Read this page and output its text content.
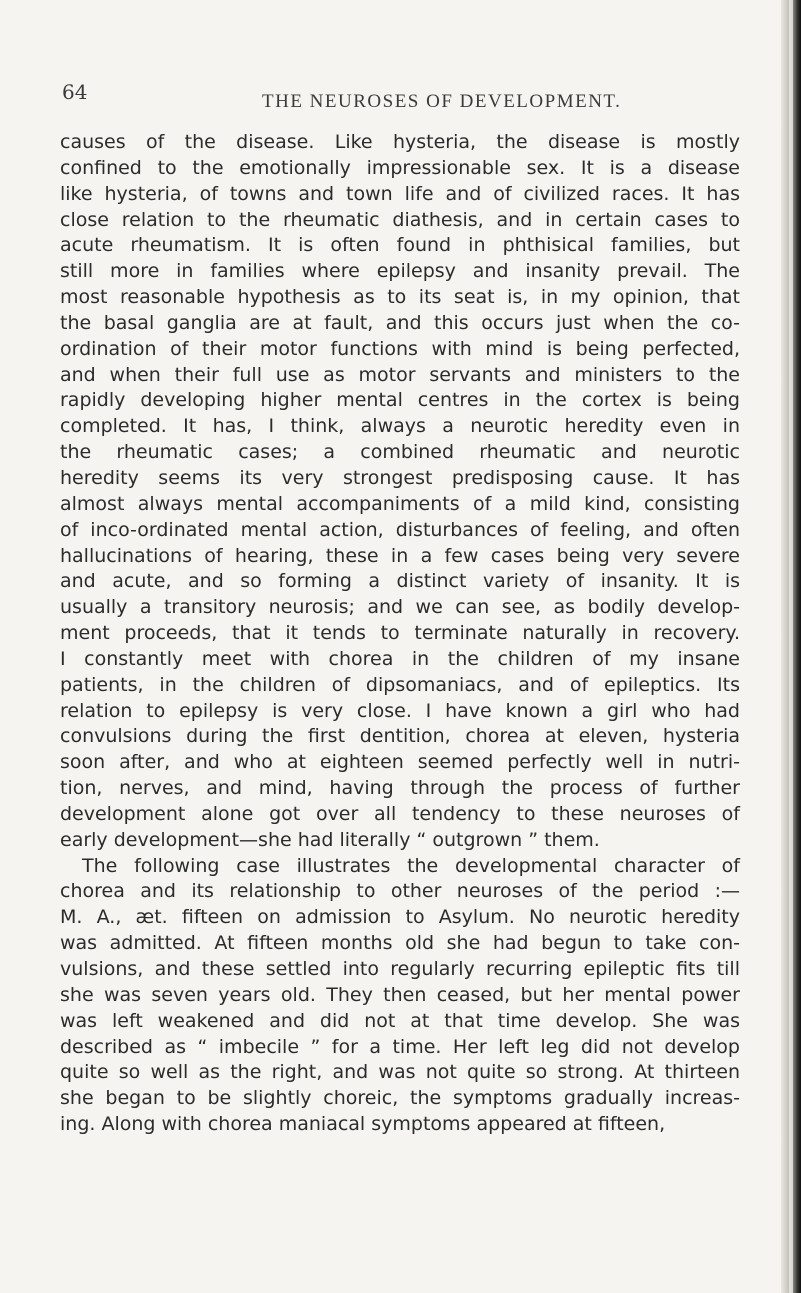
64	THE NEUROSES OF DEVELOPMENT.
causes of the disease. Like hysteria, the disease is mostly
confined to the emotionally impressionable sex. It is a disease
like hysteria, of towns and town life and of civilized races. It has
close relation to the rheumatic diathesis, and in certain cases to
acute rheumatism. It is often found in phthisical families, but
still more in families where epilepsy and insanity prevail. The
most reasonable hypothesis as to its seat is, in my opinion, that
the basal ganglia are at fault, and this occurs just when the co-
ordination of their motor functions with mind is being perfected,
and when their full use as motor servants and ministers to the
rapidly developing higher mental centres in the cortex is being
completed. It has, I think, always a neurotic heredity even in
the rheumatic cases; a combined rheumatic and neurotic
heredity seems its very strongest predisposing cause. It has
almost always mental accompaniments of a mild kind, consisting
of inco-ordinated mental action, disturbances of feeling, and often
hallucinations of hearing, these in a few cases being very severe
and acute, and so forming a distinct variety of insanity. It is
usually a transitory neurosis; and we can see, as bodily develop-
ment proceeds, that it tends to terminate naturally in recovery.
I constantly meet with chorea in the children of my insane
patients, in the children of dipsomaniacs, and of epileptics. Its
relation to epilepsy is very close. I have known a girl who had
convulsions during the first dentition, chorea at eleven, hysteria
soon after, and who at eighteen seemed perfectly well in nutri-
tion, nerves, and mind, having through the process of further
development alone got over all tendency to these neuroses of
early development—she had literally “ outgrown ” them.
The following case illustrates the developmental character of
chorea and its relationship to other neuroses of the period :—
M. A., æt. fifteen on admission to Asylum. No neurotic heredity
was admitted. At fifteen months old she had begun to take con-
vulsions, and these settled into regularly recurring epileptic fits till
she was seven years old. They then ceased, but her mental power
was left weakened and did not at that time develop. She was
described as “ imbecile ” for a time. Her left leg did not develop
quite so well as the right, and was not quite so strong. At thirteen
she began to be slightly choreic, the symptoms gradually increas-
ing. Along with chorea maniacal symptoms appeared at fifteen,
